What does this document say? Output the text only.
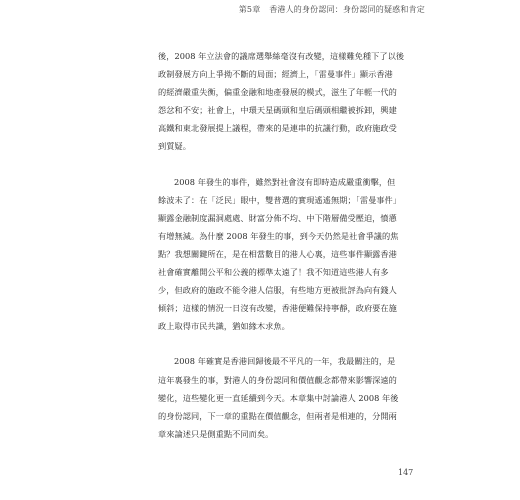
第5章 香港人的身份認同：身份認同的疑惑和肯定
後，2008 年立法會的議席選舉絲毫沒有改變，這樣難免種下了以後
政制發展方向上爭拗不斷的局面；經濟上，「雷曼事件」顯示香港
的經濟嚴重失衡，偏重金融和地產發展的模式，滋生了年輕一代的
怨忿和不安；社會上，中環天星碼頭和皇后碼頭相繼被拆卸，興建
高鐵和東北發展提上議程，帶來的是連串的抗議行動，政府施政受
到質疑。
2008 年發生的事件，雖然對社會沒有即時造成嚴重衝擊，但
餘波未了：在「泛民」眼中，雙普選的實現遙遙無期；「雷曼事件」
顯露金融制度漏洞處處、財富分佈不均、中下階層備受壓迫，憤懣
有增無減。為什麼 2008 年發生的事，到今天仍然是社會爭議的焦
點？我想關鍵所在，是在相當數目的港人心裏，這些事件顯露香港
社會確實離開公平和公義的標準太遠了！我不知道這些港人有多
少，但政府的施政不能令港人信服，有些地方更被批評為向有錢人
傾斜；這樣的情況一日沒有改變，香港便難保持寧靜，政府要在施
政上取得市民共識，猶如緣木求魚。
2008 年確實是香港回歸後最不平凡的一年，我最關注的，是
這年裏發生的事，對港人的身份認同和價值觀念都帶來影響深遠的
變化，這些變化更一直延續到今天。本章集中討論港人 2008 年後
的身份認同，下一章的重點在價值觀念，但兩者是相連的，分開兩
章來論述只是側重點不同而矣。
147
